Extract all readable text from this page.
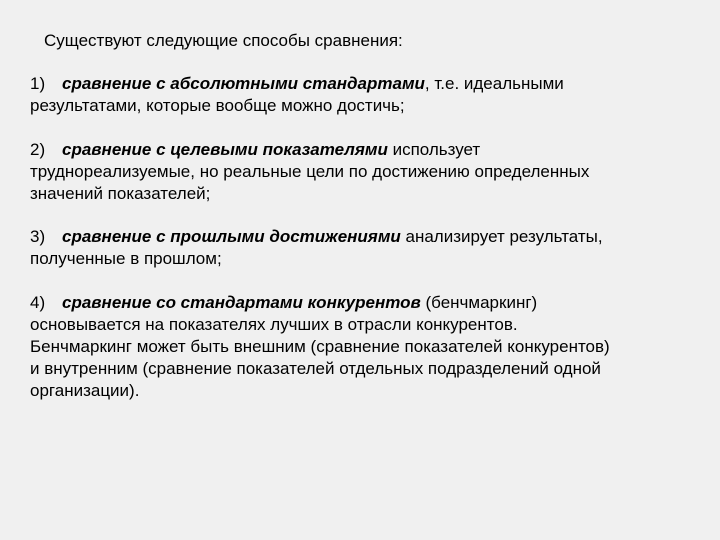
Существуют следующие способы сравнения:
1) сравнение с абсолютными стандартами, т.е. идеальными
результатами, которые вообще можно достичь;
2) сравнение с целевыми показателями использует
труднореализуемые, но реальные цели по достижению определенных
значений показателей;
3) сравнение с прошлыми достижениями анализирует результаты,
полученные в прошлом;
4) сравнение со стандартами конкурентов (бенчмаркинг)
основывается на показателях лучших в отрасли конкурентов.
Бенчмаркинг может быть внешним (сравнение показателей конкурентов)
и внутренним (сравнение показателей отдельных подразделений одной
организации).
